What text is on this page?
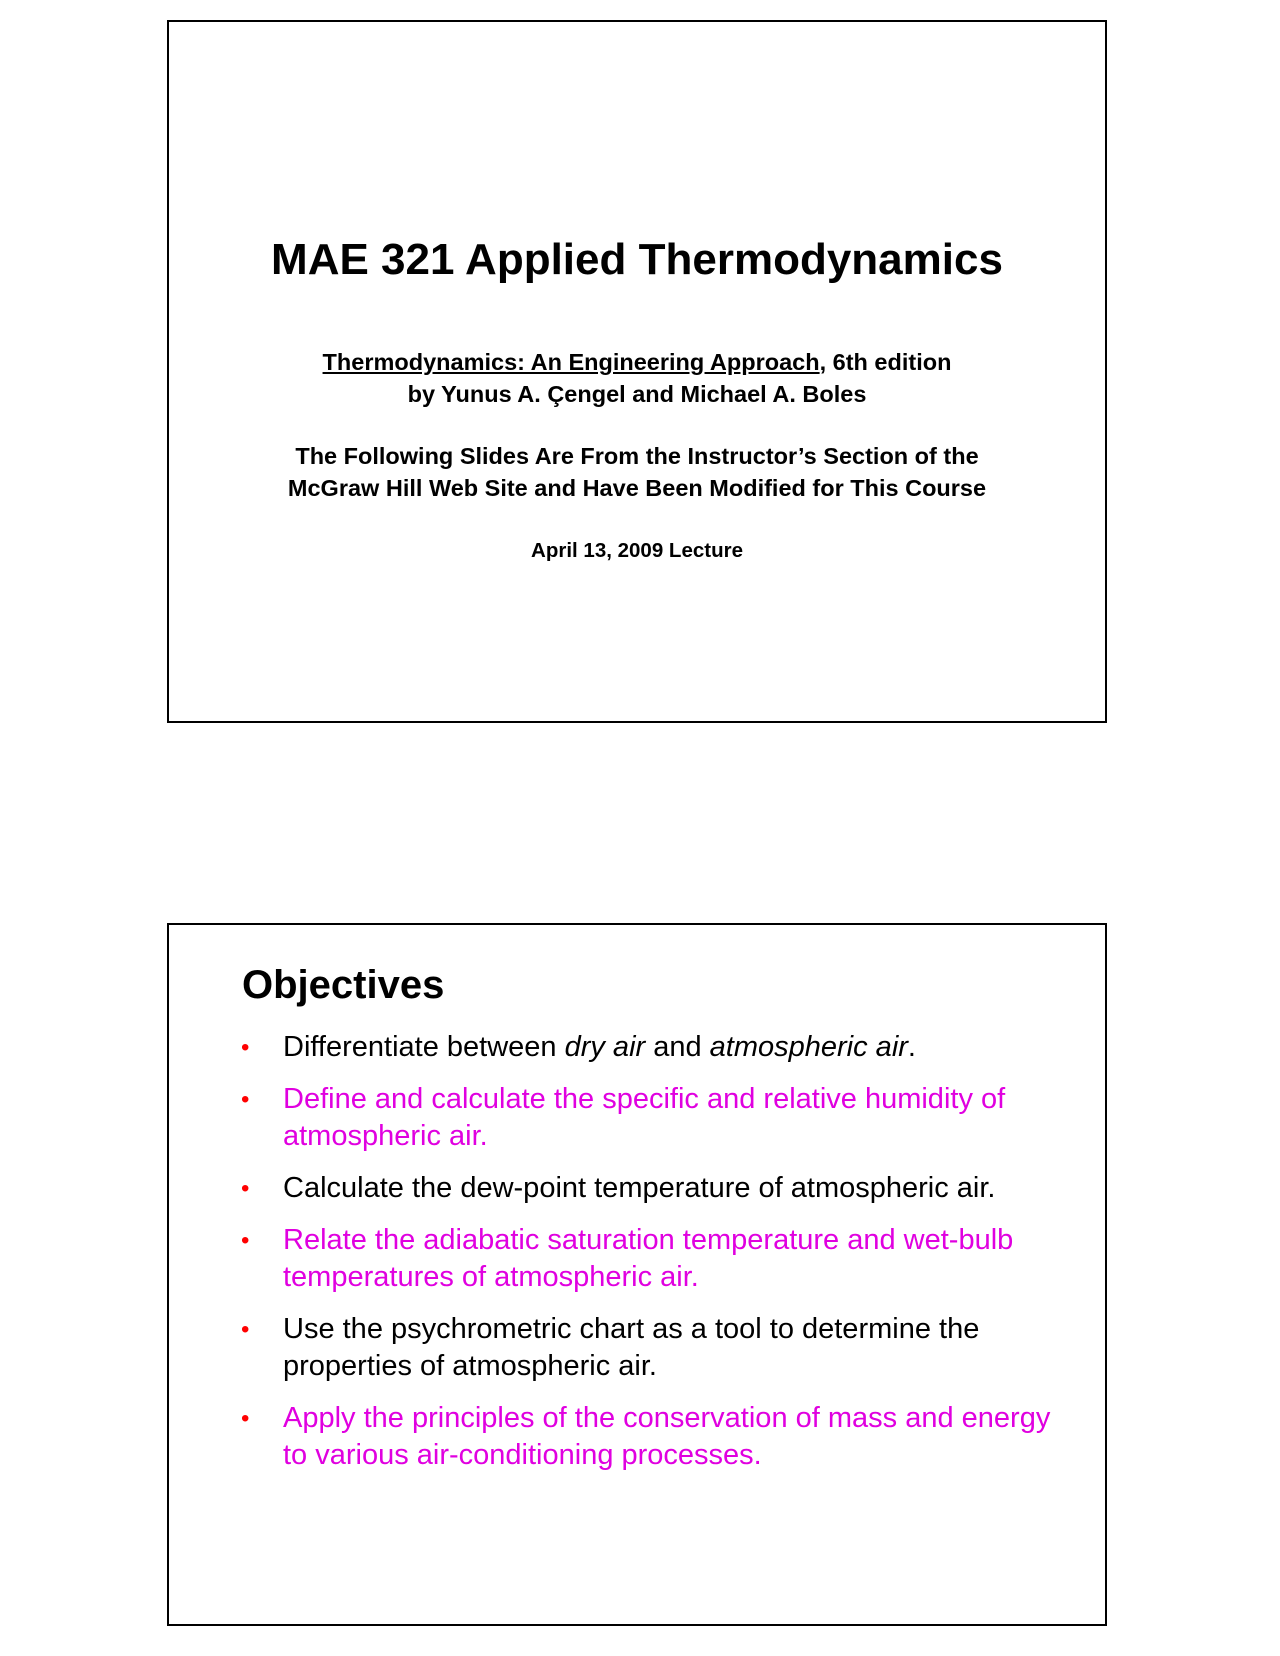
MAE 321 Applied Thermodynamics
Thermodynamics: An Engineering Approach, 6th edition
by Yunus A. Çengel and Michael A. Boles
The Following Slides Are From the Instructor’s Section of the
McGraw Hill Web Site and Have Been Modified for This Course
April 13, 2009 Lecture
Objectives
• Differentiate between dry air and atmospheric air.
• Define and calculate the specific and relative humidity of atmospheric air.
• Calculate the dew-point temperature of atmospheric air.
• Relate the adiabatic saturation temperature and wet-bulb temperatures of atmospheric air.
• Use the psychrometric chart as a tool to determine the properties of atmospheric air.
• Apply the principles of the conservation of mass and energy to various air-conditioning processes.
